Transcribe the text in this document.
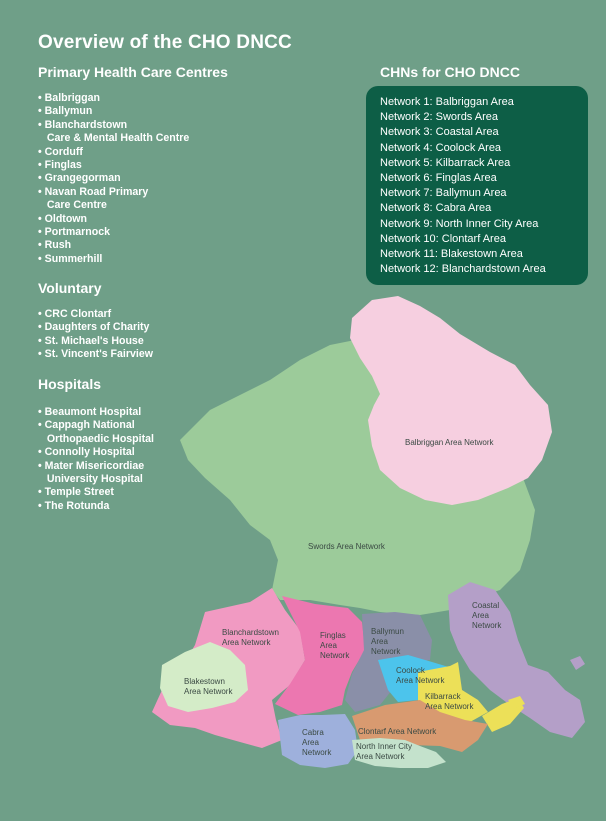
Overview of the CHO DNCC
Primary Health Care Centres
• Balbriggan
• Ballymun
• Blanchardstown
Care & Mental Health Centre
• Corduff
• Finglas
• Grangegorman
• Navan Road Primary
Care Centre
• Oldtown
• Portmarnock
• Rush
• Summerhill
Voluntary
• CRC Clontarf
• Daughters of Charity
• St. Michael's House
• St. Vincent's Fairview
Hospitals
• Beaumont Hospital
• Cappagh National
Orthopaedic Hospital
• Connolly Hospital
• Mater Misericordiae
University Hospital
• Temple Street
• The Rotunda
CHNs for CHO DNCC
Network 1: Balbriggan Area
Network 2: Swords Area
Network 3: Coastal Area
Network 4: Coolock Area
Network 5: Kilbarrack Area
Network 6: Finglas Area
Network 7: Ballymun Area
Network 8: Cabra Area
Network 9: North Inner City Area
Network 10: Clontarf Area
Network 11: Blakestown Area
Network 12: Blanchardstown Area
Balbriggan Area Network
Swords Area Network
Coastal
Area
Network
Blanchardstown
Area Network
Finglas
Area
Network
Ballymun
Area
Network
Coolock
Area Network
Blakestown
Area Network
Kilbarrack
Area Network
Cabra
Area
Network
Clontarf Area Network
North Inner City
Area Network
